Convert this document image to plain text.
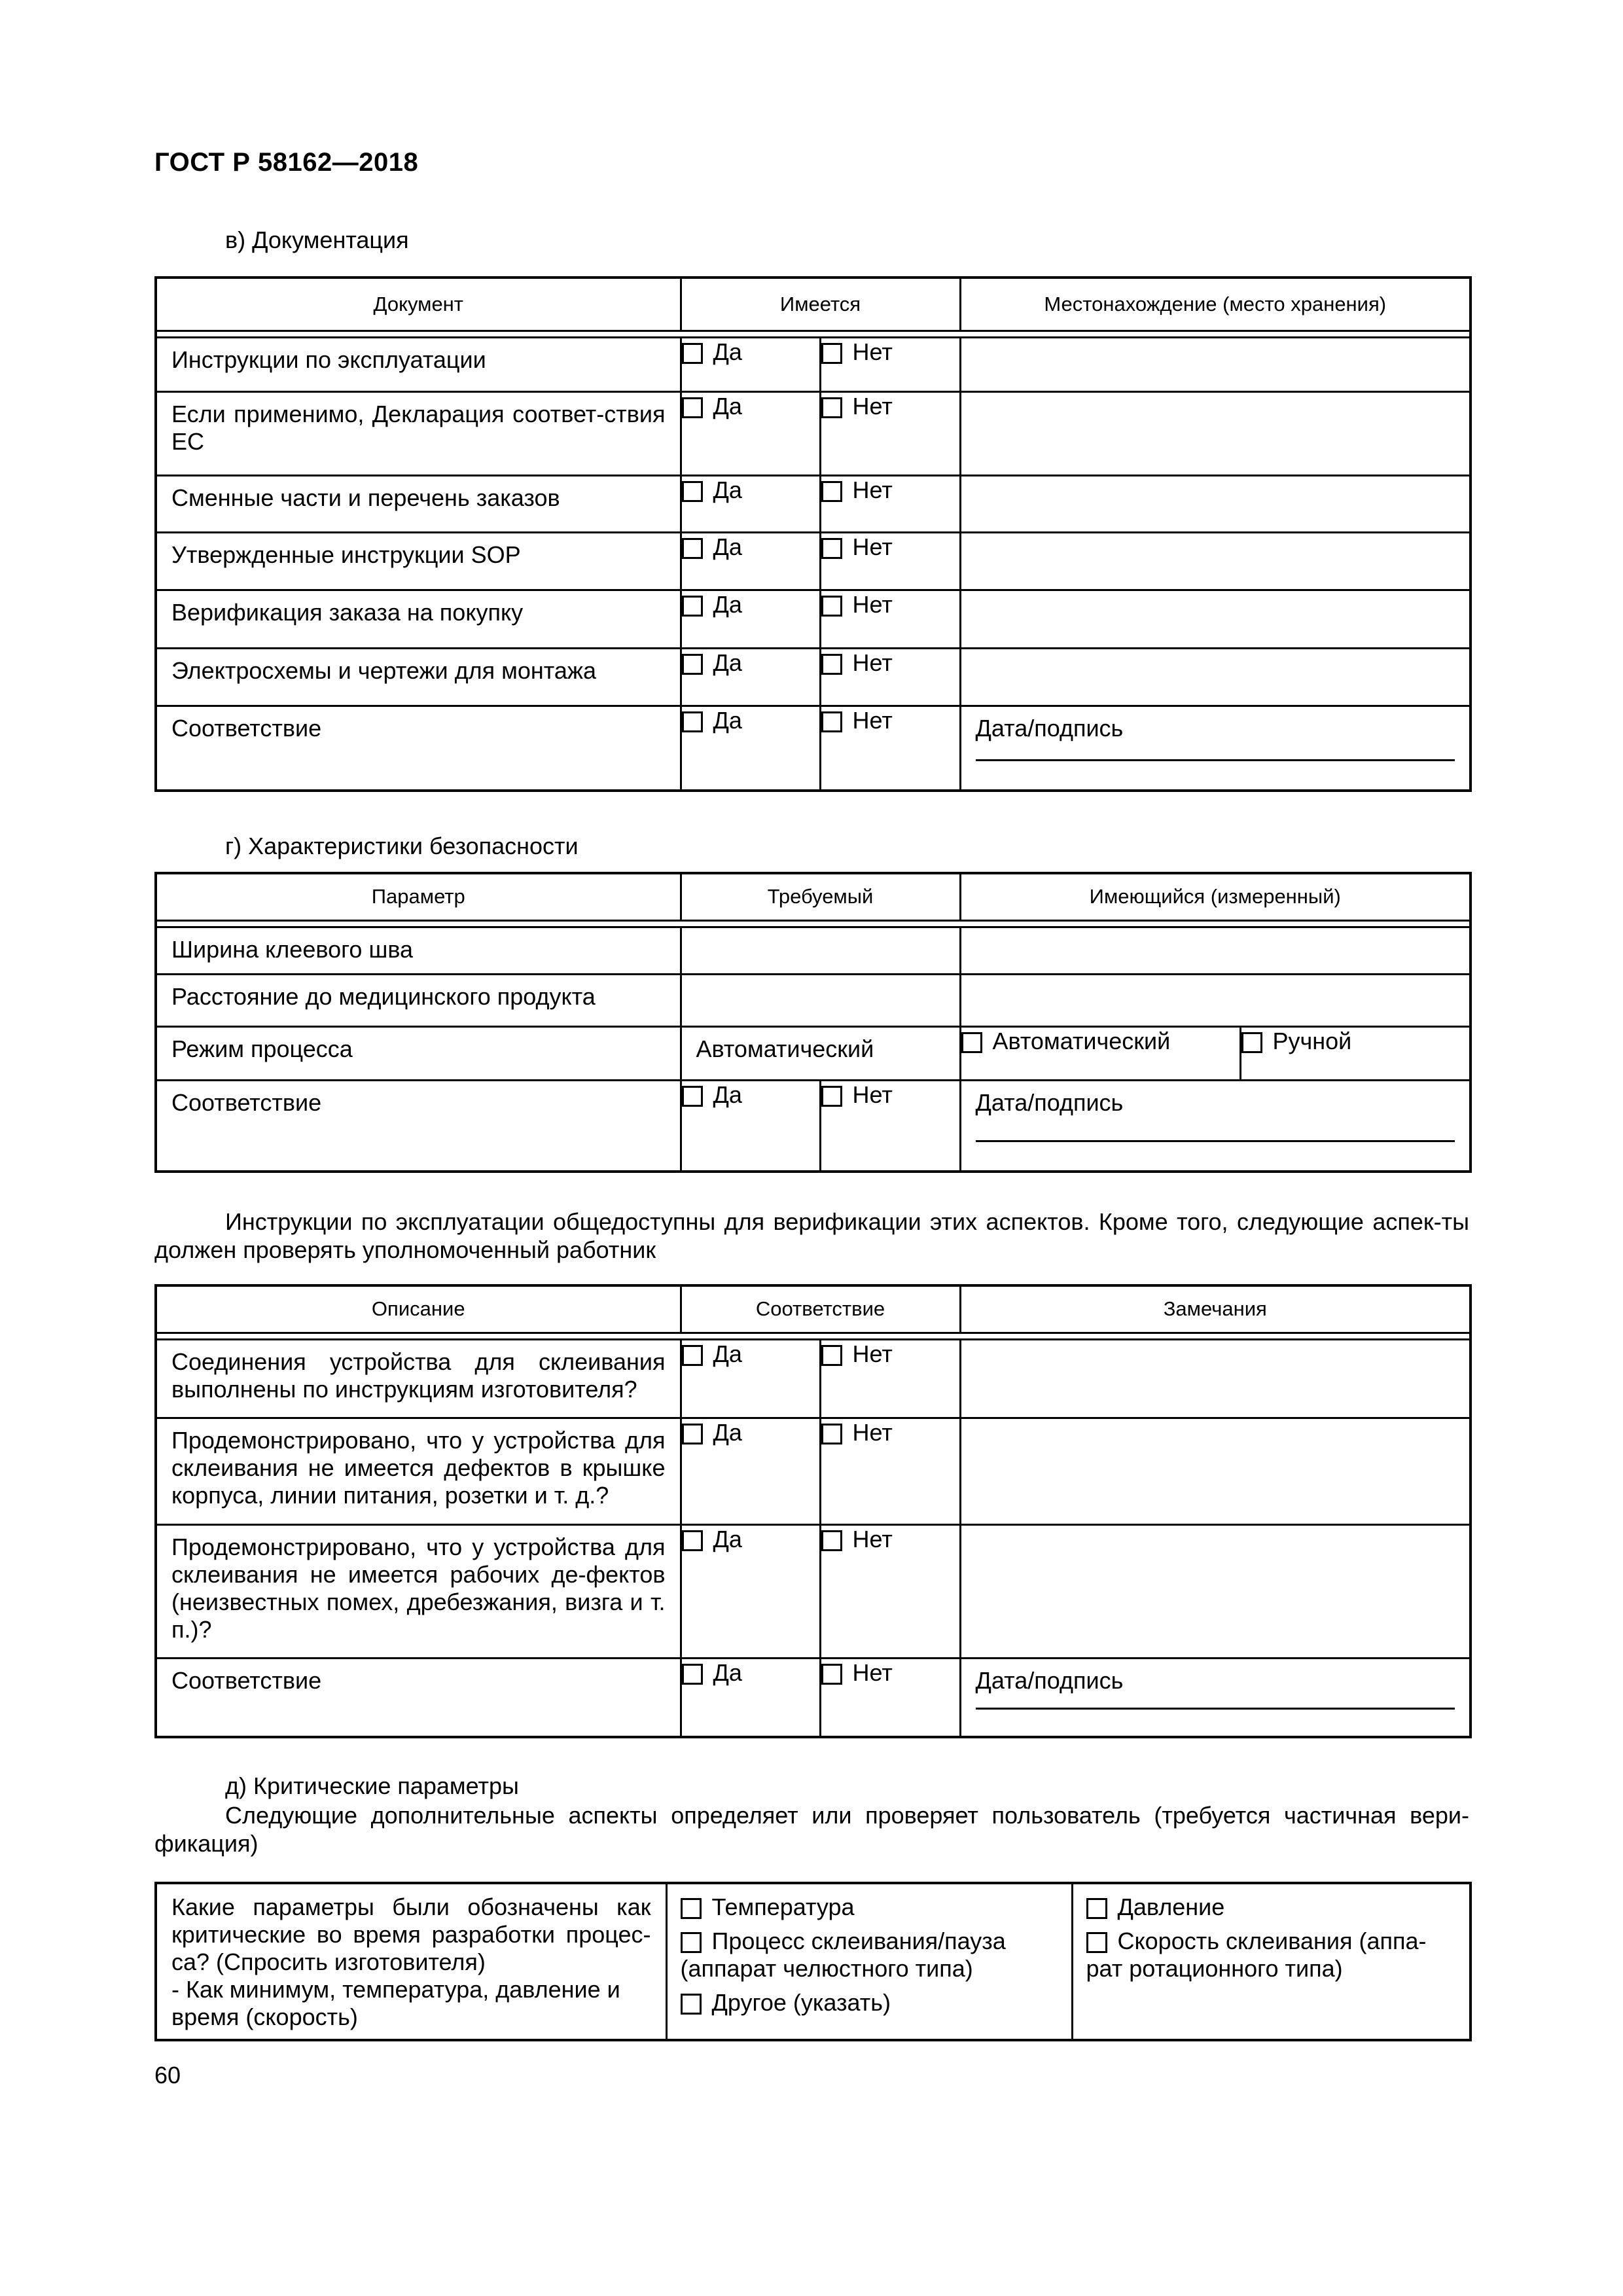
ГОСТ Р 58162—2018
в) Документация
Документ	Имеется		Местонахождение (место хранения)

Инструкции по эксплуатации	Да	Нет	

Если применимо, Декларация соответ-ствия ЕС	Да	Нет	

Сменные части и перечень заказов	Да	Нет	

Утвержденные инструкции SOP	Да	Нет	

Верификация заказа на покупку	Да	Нет	

Электросхемы и чертежи для монтажа	Да	Нет	

Соответствие	Да	Нет	Дата/подпись
г) Характеристики безопасности
Параметр	Требуемый		Имеющийся (измеренный)	

Ширина клеевого шва				

Расстояние до медицинского продукта				

Режим процесса	Автоматический		Автоматический	Ручной

Соответствие	Да	Нет	Дата/подпись	
Инструкции по эксплуатации общедоступны для верификации этих аспектов. Кроме того, следующие аспек-ты должен проверять уполномоченный работник
Описание	Соответствие		Замечания

Соединения устройства для склеивания выполнены по инструкциям изготовителя?	Да	Нет	

Продемонстрировано, что у устройства для склеивания не имеется дефектов в крышке корпуса, линии питания, розетки и т. д.?	Да	Нет	

Продемонстрировано, что у устройства для склеивания не имеется рабочих де-фектов (неизвестных помех, дребезжания, визга и т. п.)?	Да	Нет	

Соответствие	Да	Нет	Дата/подпись
д) Критические параметры
Следующие дополнительные аспекты определяет или проверяет пользователь (требуется частичная вери-фикация)
Какие параметры были обозначены как критические во время разработки процес-са? (Спросить изготовителя)
- Как минимум, температура, давление и время (скорость)

Температура
Процесс склеивания/пауза (аппарат челюстного типа)
Другое (указать)

Давление
Скорость склеивания (аппа-рат ротационного типа)
60
